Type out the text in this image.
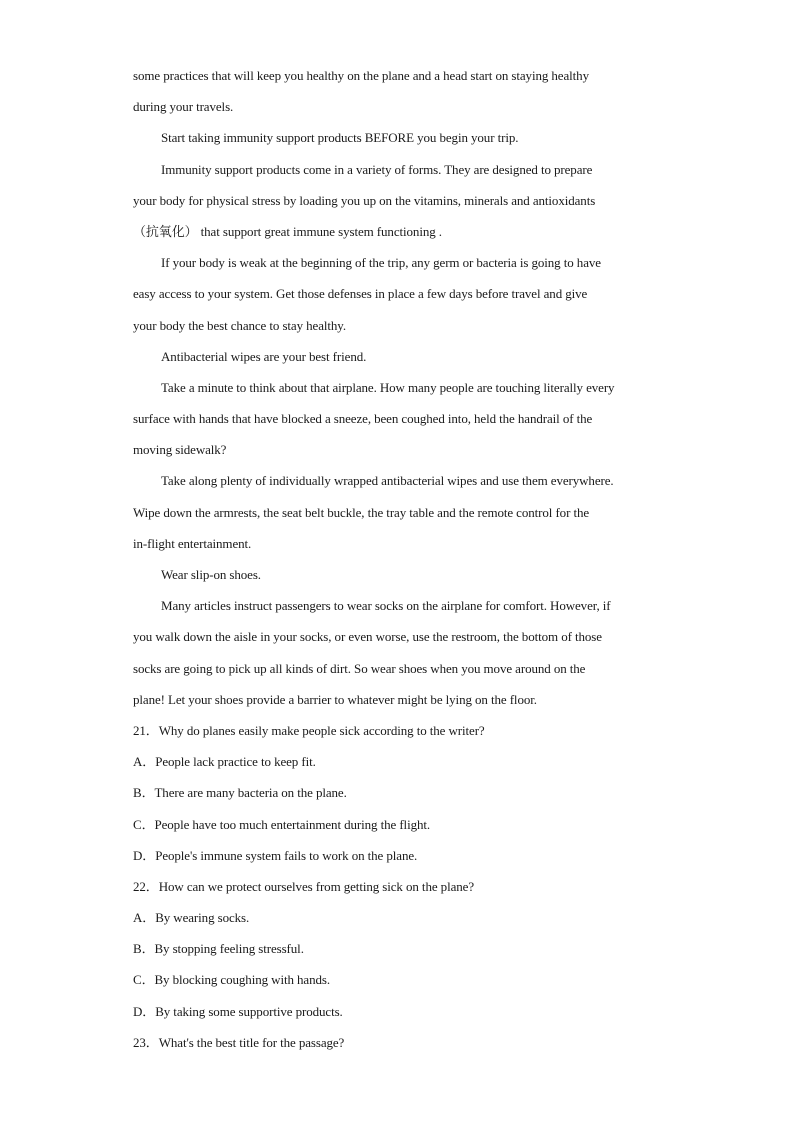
some practices that will keep you healthy on the plane and a head start on staying healthy
during your travels.
Start taking immunity support products BEFORE you begin your trip.
Immunity support products come in a variety of forms. They are designed to prepare
your body for physical stress by loading you up on the vitamins, minerals and antioxidants
（抗氧化） that support great immune system functioning .
If your body is weak at the beginning of the trip, any germ or bacteria is going to have
easy access to your system. Get those defenses in place a few days before travel and give
your body the best chance to stay healthy.
Antibacterial wipes are your best friend.
Take a minute to think about that airplane. How many people are touching literally every
surface with hands that have blocked a sneeze, been coughed into, held the handrail of the
moving sidewalk?
Take along plenty of individually wrapped antibacterial wipes and use them everywhere.
Wipe down the armrests, the seat belt buckle, the tray table and the remote control for the
in-flight entertainment.
Wear slip-on shoes.
Many articles instruct passengers to wear socks on the airplane for comfort. However, if
you walk down the aisle in your socks, or even worse, use the restroom, the bottom of those
socks are going to pick up all kinds of dirt. So wear shoes when you move around on the
plane! Let your shoes provide a barrier to whatever might be lying on the floor.
21．Why do planes easily make people sick according to the writer?
A．People lack practice to keep fit.
B．There are many bacteria on the plane.
C．People have too much entertainment during the flight.
D．People's immune system fails to work on the plane.
22．How can we protect ourselves from getting sick on the plane?
A．By wearing socks.
B．By stopping feeling stressful.
C．By blocking coughing with hands.
D．By taking some supportive products.
23．What's the best title for the passage?
